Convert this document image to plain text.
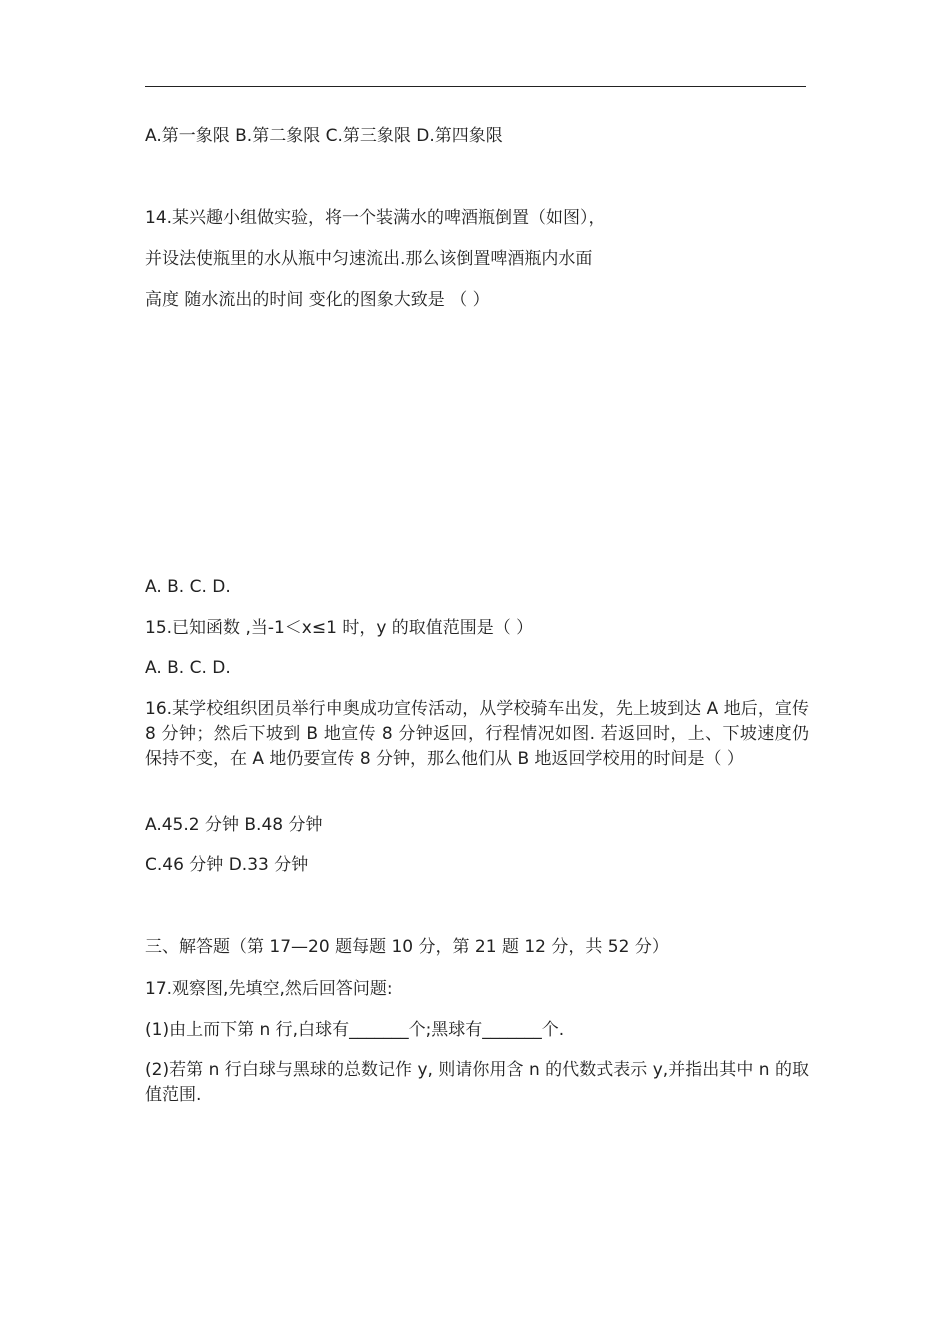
A.第一象限 B.第二象限 C.第三象限 D.第四象限

14.某兴趣小组做实验，将一个装满水的啤酒瓶倒置（如图），

并设法使瓶里的水从瓶中匀速流出.那么该倒置啤酒瓶内水面

高度 随水流出的时间 变化的图象大致是 （ ）

A. B. C. D.

15.已知函数 ,当-1＜x≤1 时，y 的取值范围是（ ）

A. B. C. D.

16.某学校组织团员举行申奥成功宣传活动，从学校骑车出发，先上坡到达 A 地后，宣传 8 分钟；然后下坡到 B 地宣传 8 分钟返回，行程情况如图. 若返回时，上、下坡速度仍保持不变，在 A 地仍要宣传 8 分钟，那么他们从 B 地返回学校用的时间是（ ）

A.45.2 分钟 B.48 分钟

C.46 分钟 D.33 分钟

三、解答题（第 17—20 题每题 10 分，第 21 题 12 分，共 52 分）

17.观察图,先填空,然后回答问题:

(1)由上而下第 n 行,白球有_______个;黑球有_______个.

(2)若第 n 行白球与黑球的总数记作 y, 则请你用含 n 的代数式表示 y,并指出其中 n 的取值范围.
